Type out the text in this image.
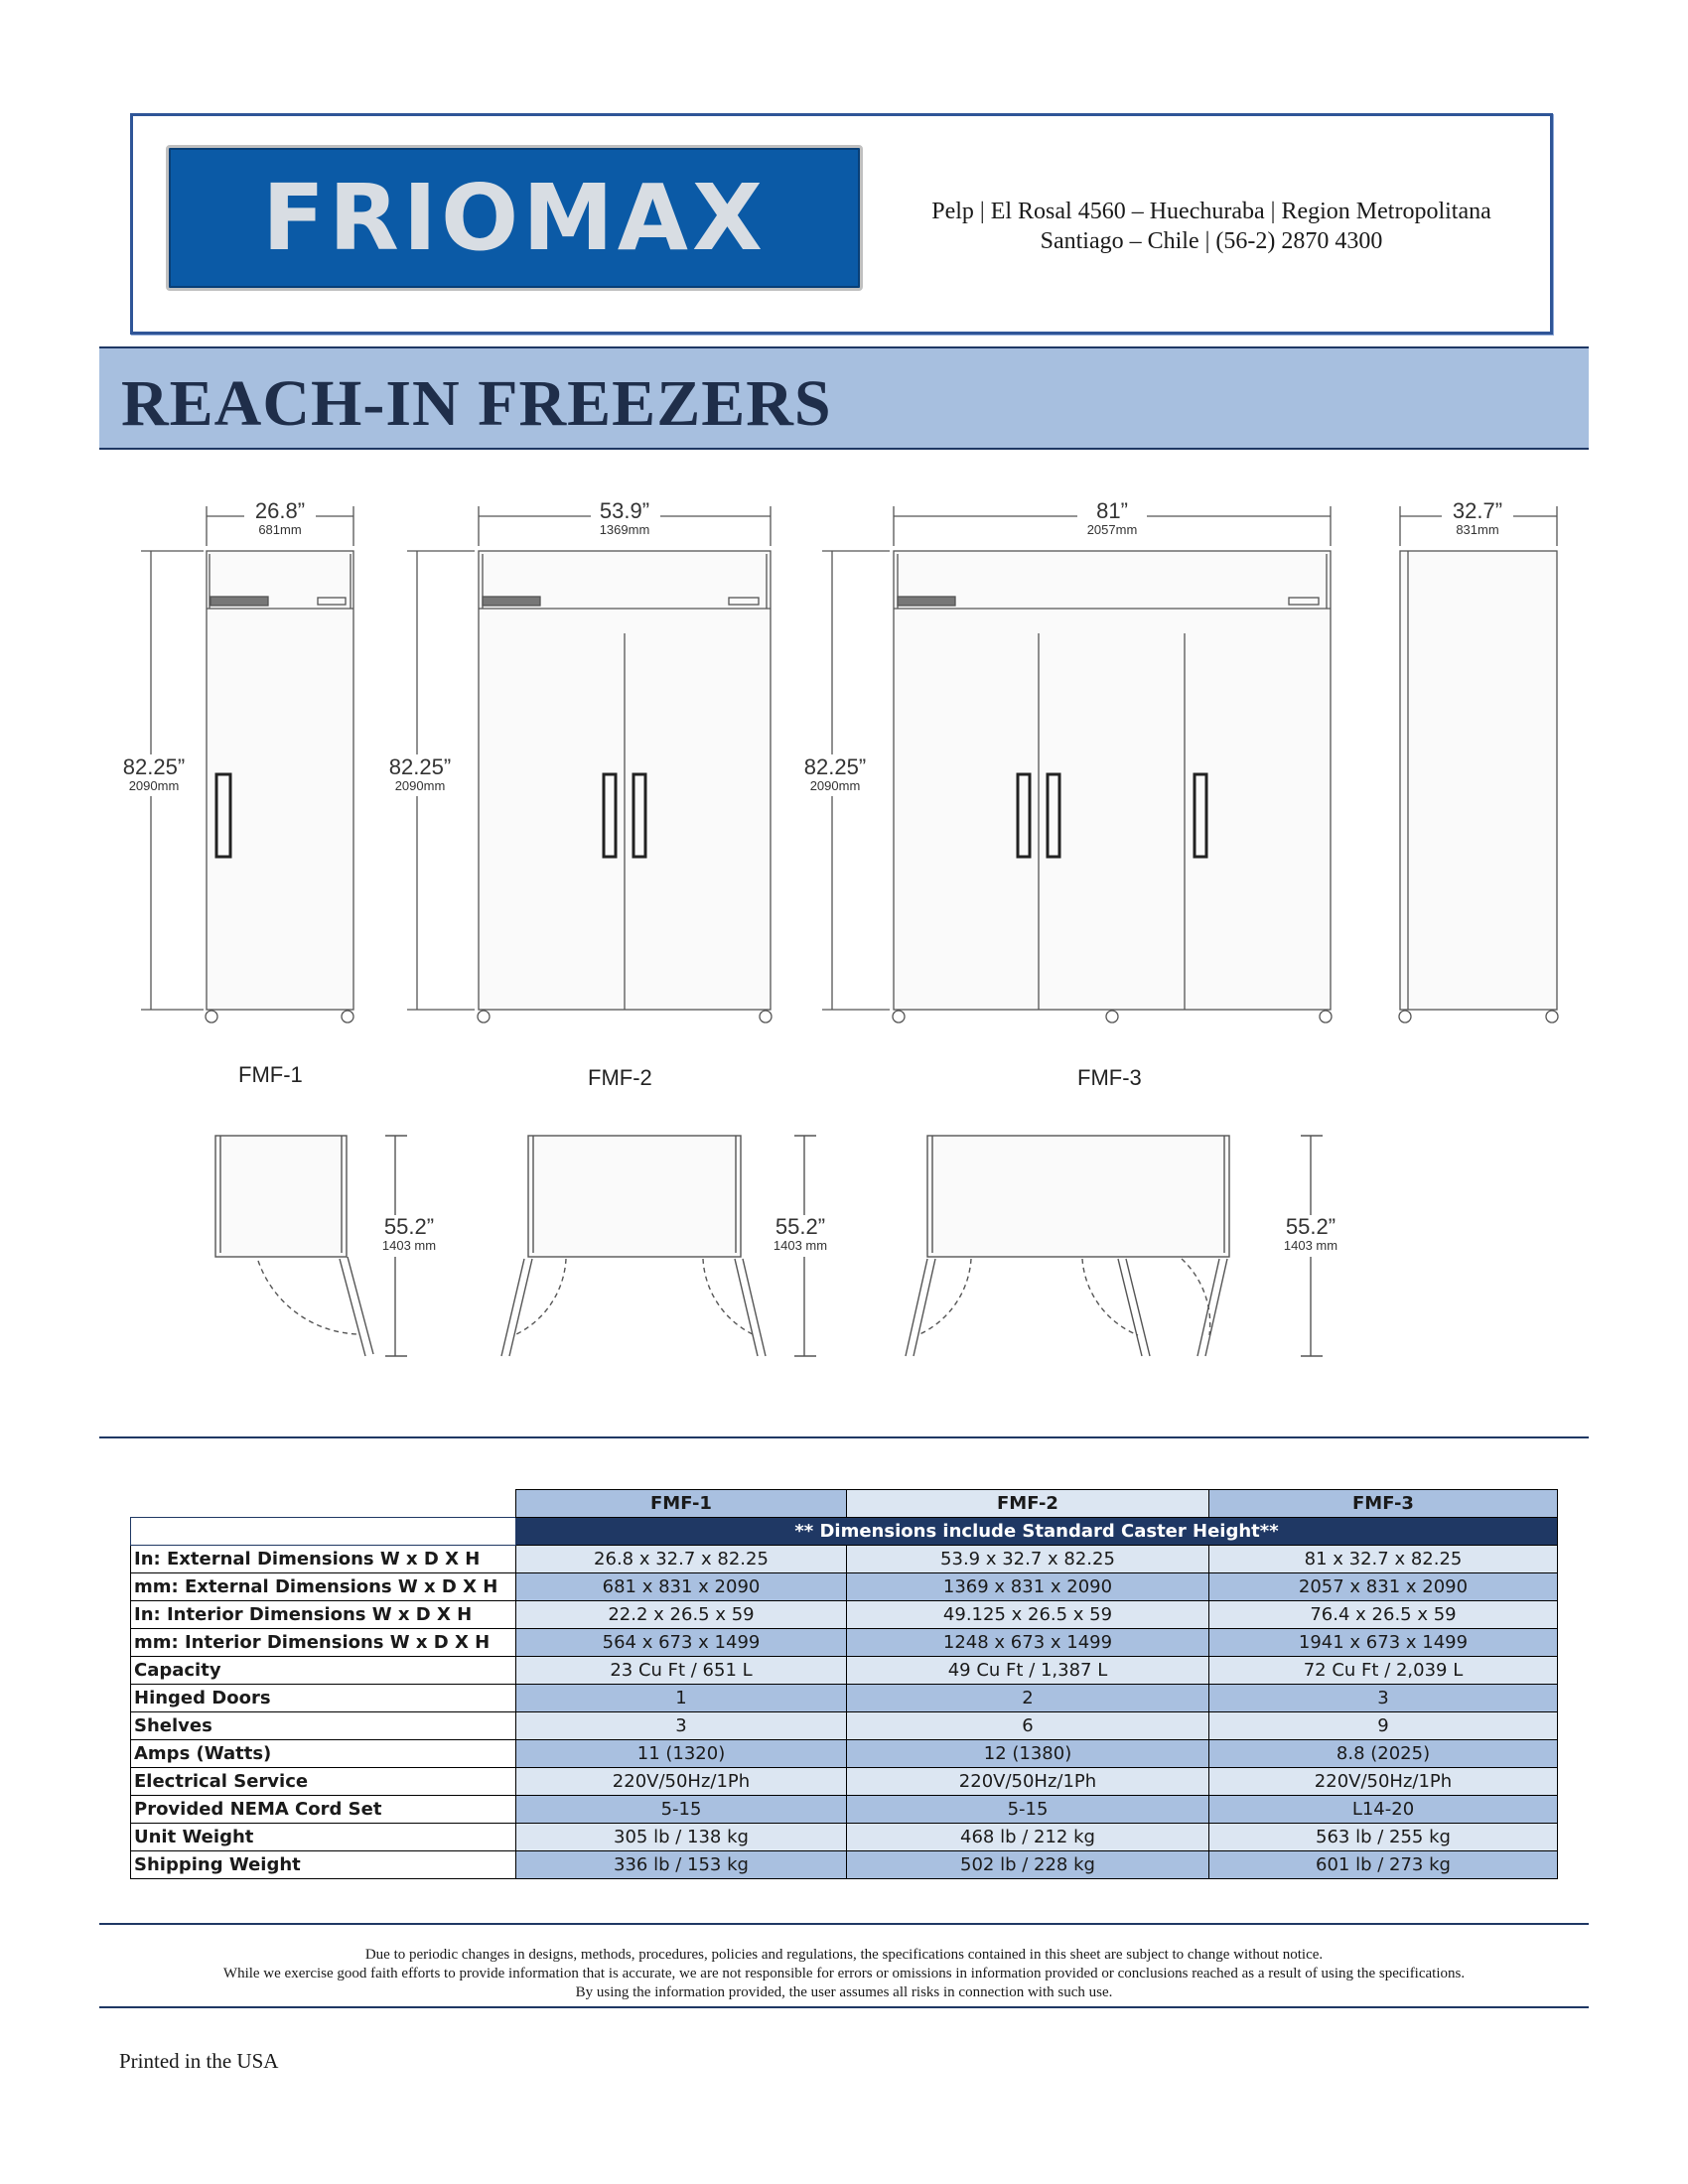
FRIOMAX	Pelp | El Rosal 4560 – Huechuraba | Region Metropolitana
Santiago – Chile | (56-2) 2870 4300
REACH-IN FREEZERS
26.8”
681mm
53.9”
1369mm
81”
2057mm
32.7”
831mm
82.25”
2090mm
82.25”
2090mm
82.25”
2090mm
FMF-1	FMF-2	FMF-3
55.2”
1403 mm
55.2”
1403 mm
55.2”
1403 mm
	FMF-1	FMF-2	FMF-3
	** Dimensions include Standard Caster Height**		
In: External Dimensions W x D X H	26.8 x 32.7 x 82.25	53.9 x 32.7 x 82.25	81 x 32.7 x 82.25
mm: External Dimensions W x D X H	681 x 831 x 2090	1369 x 831 x 2090	2057 x 831 x 2090
In: Interior Dimensions W x D X H	22.2 x 26.5 x 59	49.125 x 26.5 x 59	76.4 x 26.5 x 59
mm: Interior Dimensions W x D X H	564 x 673 x 1499	1248 x 673 x 1499	1941 x 673 x 1499
Capacity	23 Cu Ft / 651 L	49 Cu Ft / 1,387 L	72 Cu Ft / 2,039 L
Hinged Doors	1	2	3
Shelves	3	6	9
Amps (Watts)	11 (1320)	12 (1380)	8.8 (2025)
Electrical Service	220V/50Hz/1Ph	220V/50Hz/1Ph	220V/50Hz/1Ph
Provided NEMA Cord Set	5-15	5-15	L14-20
Unit Weight	305 lb / 138 kg	468 lb / 212 kg	563 lb / 255 kg
Shipping Weight	336 lb / 153 kg	502 lb / 228 kg	601 lb / 273 kg
Due to periodic changes in designs, methods, procedures, policies and regulations, the specifications contained in this sheet are subject to change without notice.
While we exercise good faith efforts to provide information that is accurate, we are not responsible for errors or omissions in information provided or conclusions reached as a result of using the specifications.
By using the information provided, the user assumes all risks in connection with such use.
Printed in the USA
